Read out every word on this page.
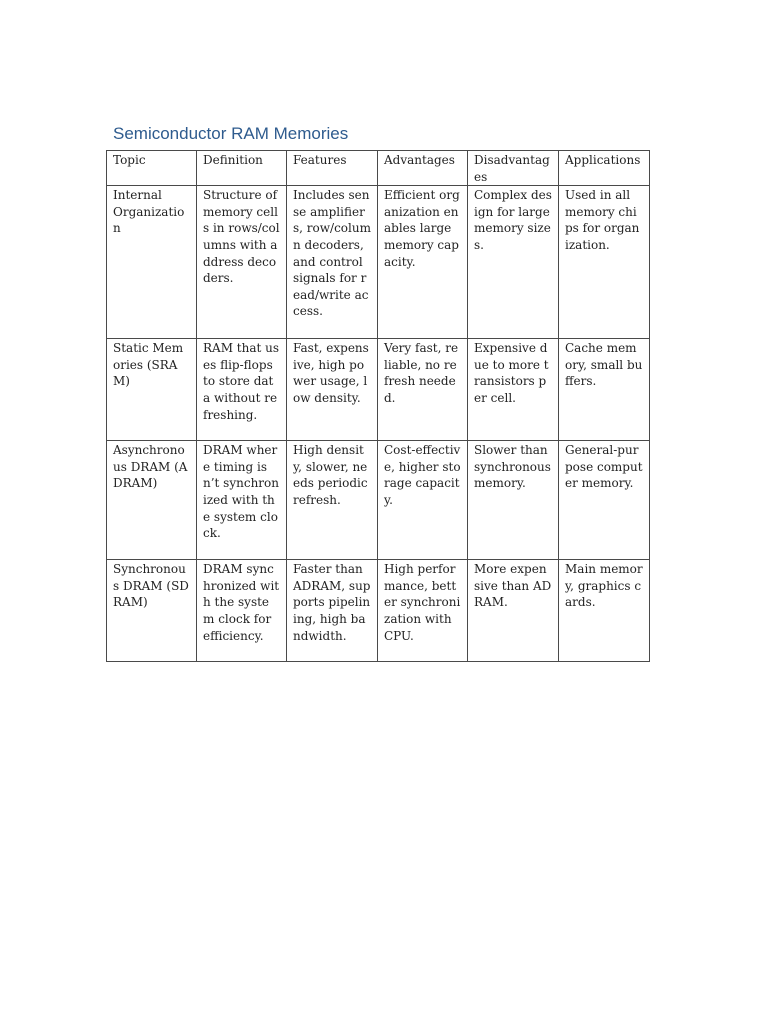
Semiconductor RAM Memories
Topic	Definition	Features	Advantages	Disadvantages	Applications
Internal Organization	Structure of memory cells in rows/columns with address decoders.	Includes sense amplifiers, row/column decoders, and control signals for read/write access.	Efficient organization enables large memory capacity.	Complex design for large memory sizes.	Used in all memory chips for organization.
Static Memories (SRAM)	RAM that uses flip-flops to store data without refreshing.	Fast, expensive, high power usage, low density.	Very fast, reliable, no refresh needed.	Expensive due to more transistors per cell.	Cache memory, small buffers.
Asynchronous DRAM (ADRAM)	DRAM where timing isn’t synchronized with the system clock.	High density, slower, needs periodic refresh.	Cost-effective, higher storage capacity.	Slower than synchronous memory.	General-purpose computer memory.
Synchronous DRAM (SDRAM)	DRAM synchronized with the system clock for efficiency.	Faster than ADRAM, supports pipelining, high bandwidth.	High performance, better synchronization with CPU.	More expensive than ADRAM.	Main memory, graphics cards.
